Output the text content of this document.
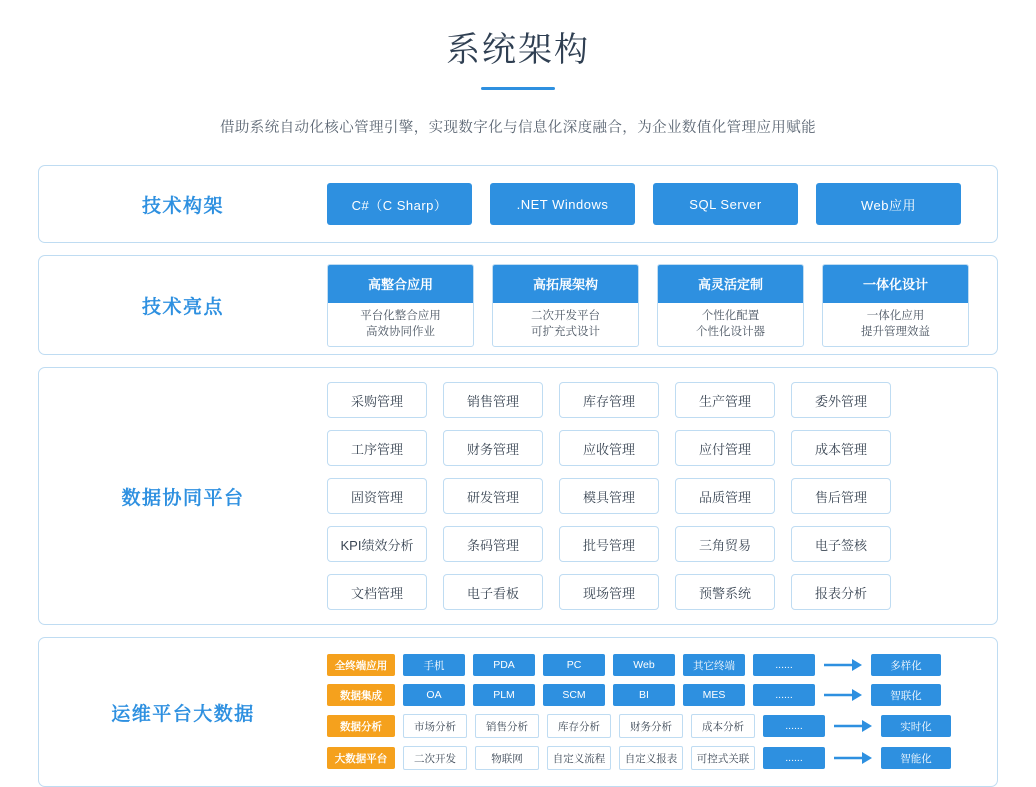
系统架构
借助系统自动化核心管理引擎，实现数字化与信息化深度融合，为企业数值化管理应用赋能
技术构架	C#（C Sharp）	.NET Windows	SQL Server	Web应用
技术亮点
高整合应用
平台化整合应用
高效协同作业
高拓展架构
二次开发平台
可扩充式设计
高灵活定制
个性化配置
个性化设计器
一体化设计
一体化应用
提升管理效益
数据协同平台
采购管理	销售管理	库存管理	生产管理	委外管理
工序管理	财务管理	应收管理	应付管理	成本管理
固资管理	研发管理	模具管理	品质管理	售后管理
KPI绩效分析	条码管理	批号管理	三角贸易	电子签核
文档管理	电子看板	现场管理	预警系统	报表分析
运维平台大数据
全终端应用	手机	PDA	PC	Web	其它终端	......	多样化
数据集成	OA	PLM	SCM	BI	MES	......	智联化
数据分析	市场分析	销售分析	库存分析	财务分析	成本分析	......	实时化
大数据平台	二次开发	物联网	自定义流程	自定义报表	可控式关联	......	智能化
